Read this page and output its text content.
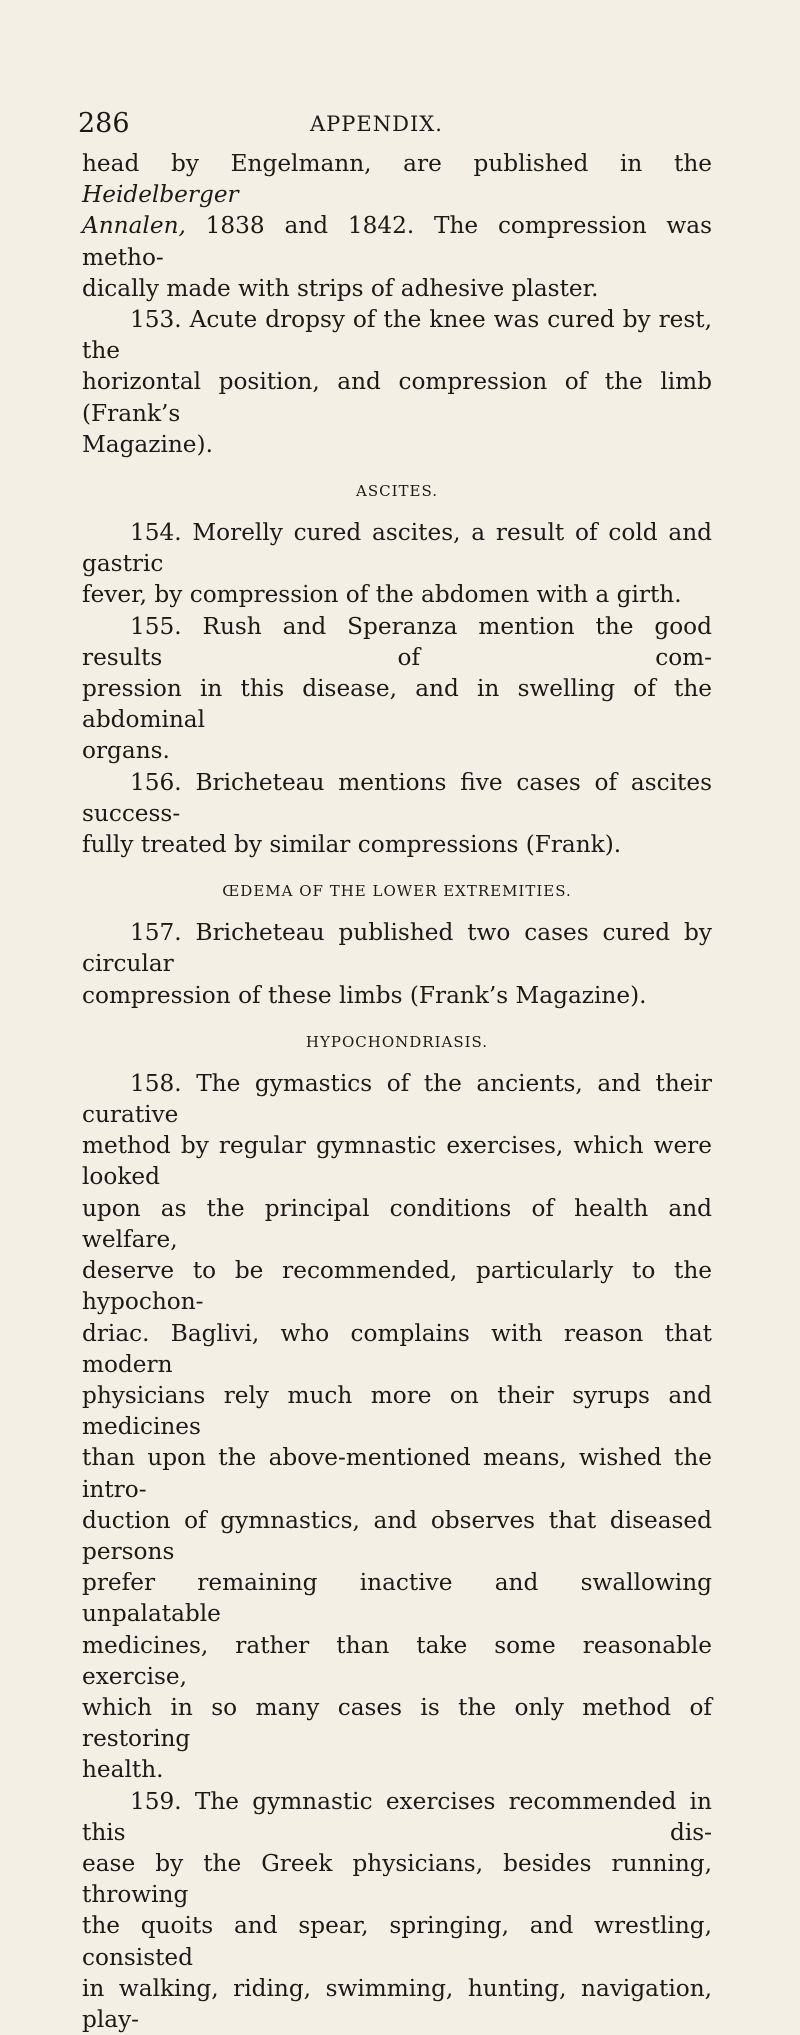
286	APPENDIX.

head by Engelmann, are published in the Heidelberger
Annalen, 1838 and 1842. The compression was metho-
dically made with strips of adhesive plaster.

153. Acute dropsy of the knee was cured by rest, the
horizontal position, and compression of the limb (Frank’s
Magazine).

ASCITES.

154. Morelly cured ascites, a result of cold and gastric
fever, by compression of the abdomen with a girth.

155. Rush and Speranza mention the good results of com-
pression in this disease, and in swelling of the abdominal
organs.

156. Bricheteau mentions five cases of ascites success-
fully treated by similar compressions (Frank).

ŒDEMA OF THE LOWER EXTREMITIES.

157. Bricheteau published two cases cured by circular
compression of these limbs (Frank’s Magazine).

HYPOCHONDRIASIS.

158. The gymastics of the ancients, and their curative
method by regular gymnastic exercises, which were looked
upon as the principal conditions of health and welfare,
deserve to be recommended, particularly to the hypochon-
driac. Baglivi, who complains with reason that modern
physicians rely much more on their syrups and medicines
than upon the above-mentioned means, wished the intro-
duction of gymnastics, and observes that diseased persons
prefer remaining inactive and swallowing unpalatable
medicines, rather than take some reasonable exercise,
which in so many cases is the only method of restoring
health.

159. The gymnastic exercises recommended in this dis-
ease by the Greek physicians, besides running, throwing
the quoits and spear, springing, and wrestling, consisted
in walking, riding, swimming, hunting, navigation, play-
